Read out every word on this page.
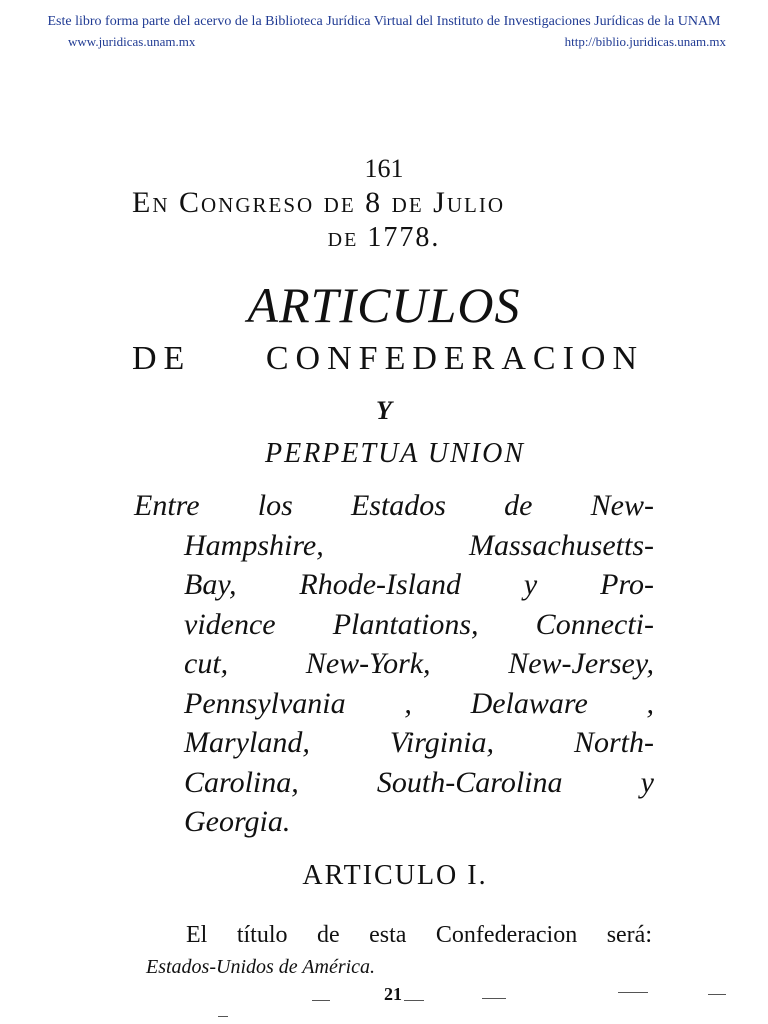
Este libro forma parte del acervo de la Biblioteca Jurídica Virtual del Instituto de Investigaciones Jurídicas de la UNAM
www.juridicas.unam.mx	http://biblio.juridicas.unam.mx
161
En Congreso de 8 de Julio
de 1778.
ARTICULOS
DE CONFEDERACION
Y
PERPETUA UNION
Entre los Estados de New-
Hampshire, Massachusetts-
Bay, Rhode-Island y Pro-
vidence Plantations, Connecti-
cut, New-York, New-Jersey,
Pennsylvania , Delaware ,
Maryland, Virginia, North-
Carolina, South-Carolina y
Georgia.
ARTICULO I.
El título de esta Confederacion será:
Estados-Unidos de América.
21
